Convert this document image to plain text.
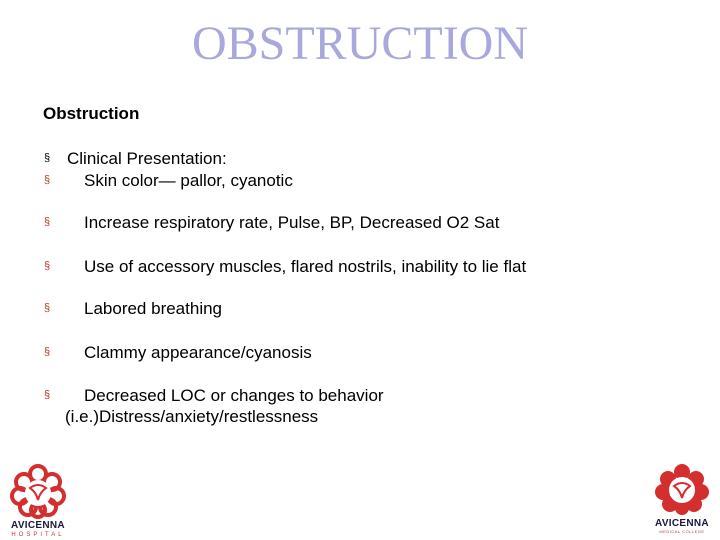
OBSTRUCTION
Obstruction
§ Clinical Presentation:
§ Skin color— pallor, cyanotic
§ Increase respiratory rate, Pulse, BP, Decreased O2 Sat
§ Use of accessory muscles, flared nostrils, inability to lie flat
§ Labored breathing
§ Clammy appearance/cyanosis
§ Decreased LOC or changes to behavior
(i.e.)Distress/anxiety/restlessness
AVICENNA
HOSPITAL
AVICENNA
MEDICAL COLLEGE
